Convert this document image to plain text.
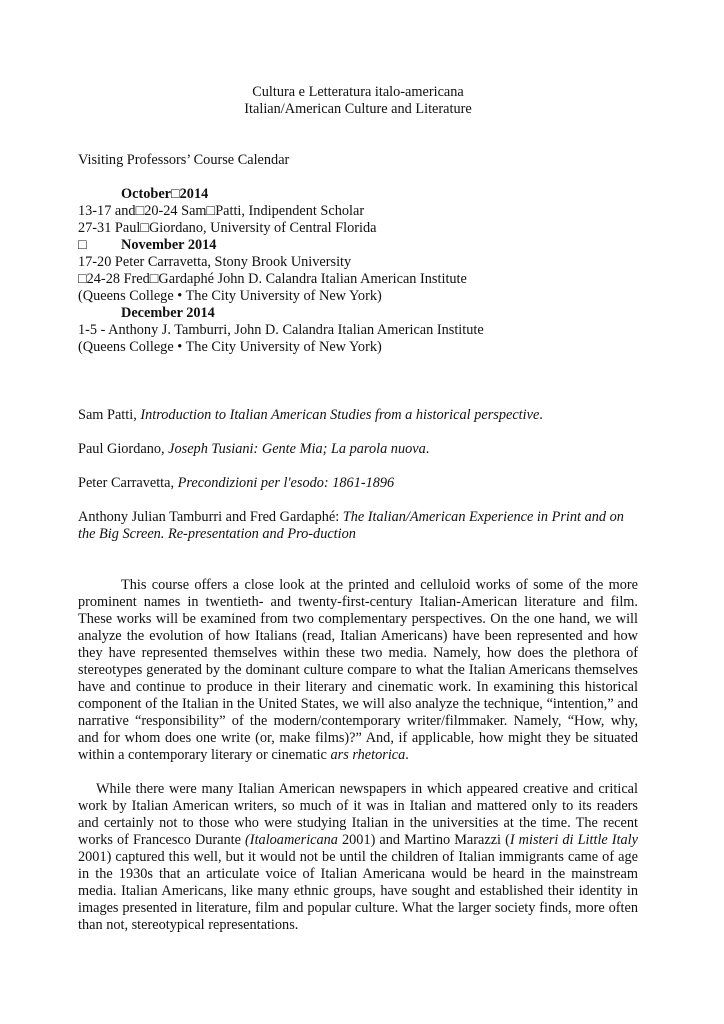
Cultura e Letteratura italo-americana

Italian/American Culture and Literature

Visiting Professors’ Course Calendar

October□2014

13-17 and□20-24 Sam□Patti, Indipendent Scholar

27-31 Paul□Giordano, University of Central Florida

□ November 2014

17-20 Peter Carravetta, Stony Brook University

□24-28 Fred□Gardaphé John D. Calandra Italian American Institute

(Queens College • The City University of New York)

December 2014

1-5 - Anthony J. Tamburri, John D. Calandra Italian American Institute

(Queens College • The City University of New York)

Sam Patti, Introduction to Italian American Studies from a historical perspective.

Paul Giordano, Joseph Tusiani: Gente Mia; La parola nuova.

Peter Carravetta, Precondizioni per l'esodo: 1861-1896

Anthony Julian Tamburri and Fred Gardaphé: The Italian/American Experience in Print and on the Big Screen. Re-presentation and Pro-duction

This course offers a close look at the printed and celluloid works of some of the more prominent names in twentieth- and twenty-first-century Italian-American literature and film. These works will be examined from two complementary perspectives. On the one hand, we will analyze the evolution of how Italians (read, Italian Americans) have been represented and how they have represented themselves within these two media. Namely, how does the plethora of stereotypes generated by the dominant culture compare to what the Italian Americans themselves have and continue to produce in their literary and cinematic work. In examining this historical component of the Italian in the United States, we will also analyze the technique, “intention,” and narrative “responsibility” of the modern/contemporary writer/filmmaker. Namely, “How, why, and for whom does one write (or, make films)?” And, if applicable, how might they be situated within a contemporary literary or cinematic ars rhetorica.

While there were many Italian American newspapers in which appeared creative and critical work by Italian American writers, so much of it was in Italian and mattered only to its readers and certainly not to those who were studying Italian in the universities at the time. The recent works of Francesco Durante (Italoamericana 2001) and Martino Marazzi (I misteri di Little Italy 2001) captured this well, but it would not be until the children of Italian immigrants came of age in the 1930s that an articulate voice of Italian Americana would be heard in the mainstream media. Italian Americans, like many ethnic groups, have sought and established their identity in images presented in literature, film and popular culture. What the larger society finds, more often than not, stereotypical representations.
